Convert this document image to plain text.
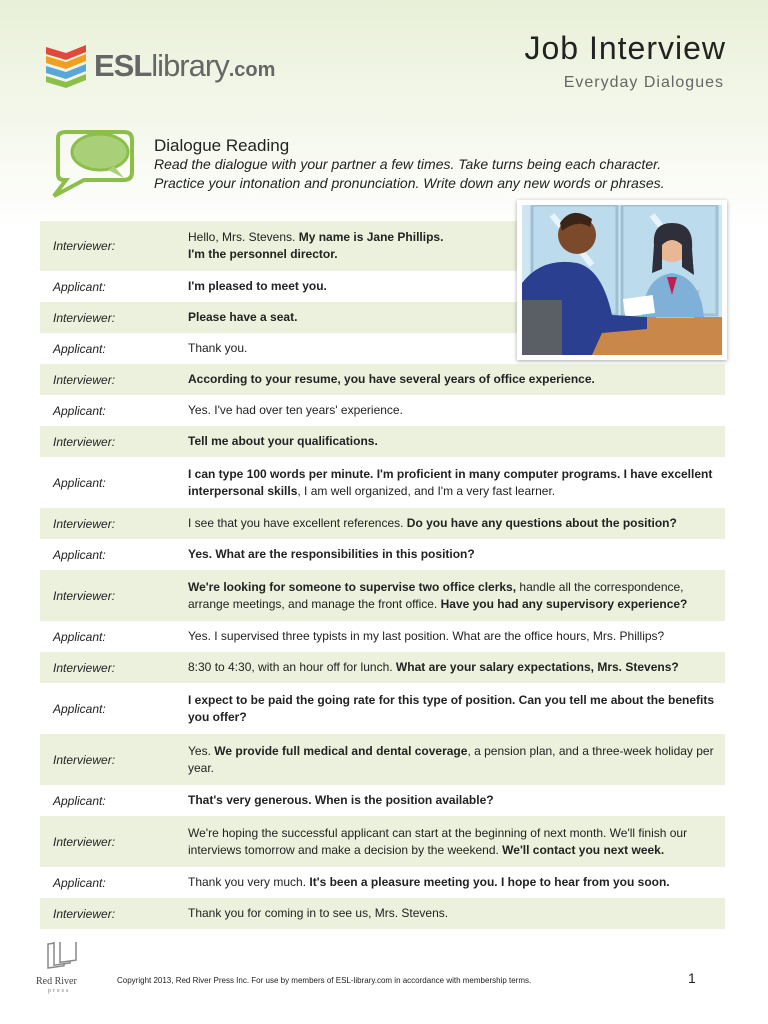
ESLlibrary.com
Job Interview
Everyday Dialogues
Dialogue Reading
Read the dialogue with your partner a few times. Take turns being each character.
Practice your intonation and pronunciation. Write down any new words or phrases.
Interviewer:
Hello, Mrs. Stevens. My name is Jane Phillips.
I'm the personnel director.
Applicant:	I'm pleased to meet you.
Interviewer:	Please have a seat.
Applicant:	Thank you.
Interviewer:	According to your resume, you have several years of office experience.
Applicant:	Yes. I've had over ten years' experience.
Interviewer:	Tell me about your qualifications.
Applicant:
I can type 100 words per minute. I'm proficient in many computer programs. I have excellent interpersonal skills, I am well organized, and I'm a very fast learner.
Interviewer:	I see that you have excellent references. Do you have any questions about the position?
Applicant:	Yes. What are the responsibilities in this position?
Interviewer:
We're looking for someone to supervise two office clerks, handle all the correspondence, arrange meetings, and manage the front office. Have you had any supervisory experience?
Applicant:	Yes. I supervised three typists in my last position. What are the office hours, Mrs. Phillips?
Interviewer:	8:30 to 4:30, with an hour off for lunch. What are your salary expectations, Mrs. Stevens?
Applicant:
I expect to be paid the going rate for this type of position. Can you tell me about the benefits you offer?
Interviewer:
Yes. We provide full medical and dental coverage, a pension plan, and a three-week holiday per year.
Applicant:	That's very generous. When is the position available?
Interviewer:
We're hoping the successful applicant can start at the beginning of next month. We'll finish our interviews tomorrow and make a decision by the weekend. We'll contact you next week.
Applicant:	Thank you very much. It's been a pleasure meeting you. I hope to hear from you soon.
Interviewer:	Thank you for coming in to see us, Mrs. Stevens.
Red River
press
Copyright 2013, Red River Press Inc. For use by members of ESL-library.com in accordance with membership terms.	1
